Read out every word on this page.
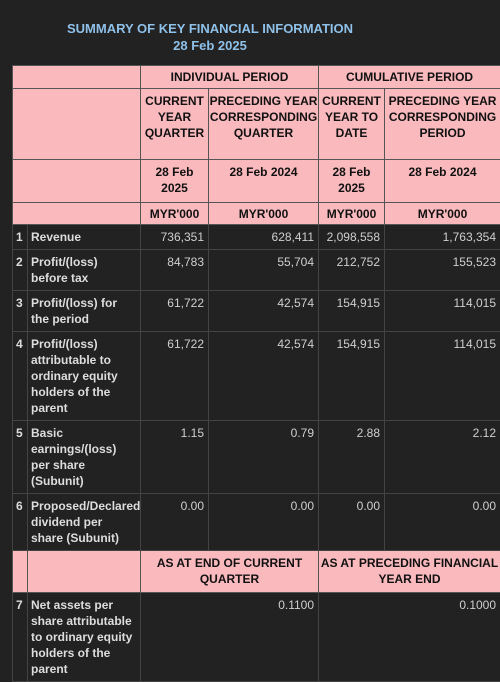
SUMMARY OF KEY FINANCIAL INFORMATION
28 Feb 2025
		INDIVIDUAL PERIOD		CUMULATIVE PERIOD	
		CURRENT YEAR QUARTER	PRECEDING YEAR CORRESPONDING QUARTER	CURRENT YEAR TO DATE	PRECEDING YEAR CORRESPONDING PERIOD
		28 Feb 2025	28 Feb 2024	28 Feb 2025	28 Feb 2024
		MYR'000	MYR'000	MYR'000	MYR'000
1	Revenue	736,351	628,411	2,098,558	1,763,354
2	Profit/(loss) before tax	84,783	55,704	212,752	155,523
3	Profit/(loss) for the period	61,722	42,574	154,915	114,015
4	Profit/(loss) attributable to ordinary equity holders of the parent	61,722	42,574	154,915	114,015
5	Basic earnings/(loss) per share (Subunit)	1.15	0.79	2.88	2.12
6	Proposed/Declared dividend per share (Subunit)	0.00	0.00	0.00	0.00
		AS AT END OF CURRENT QUARTER		AS AT PRECEDING FINANCIAL YEAR END	
7	Net assets per share attributable to ordinary equity holders of the parent	0.1100		0.1000	
